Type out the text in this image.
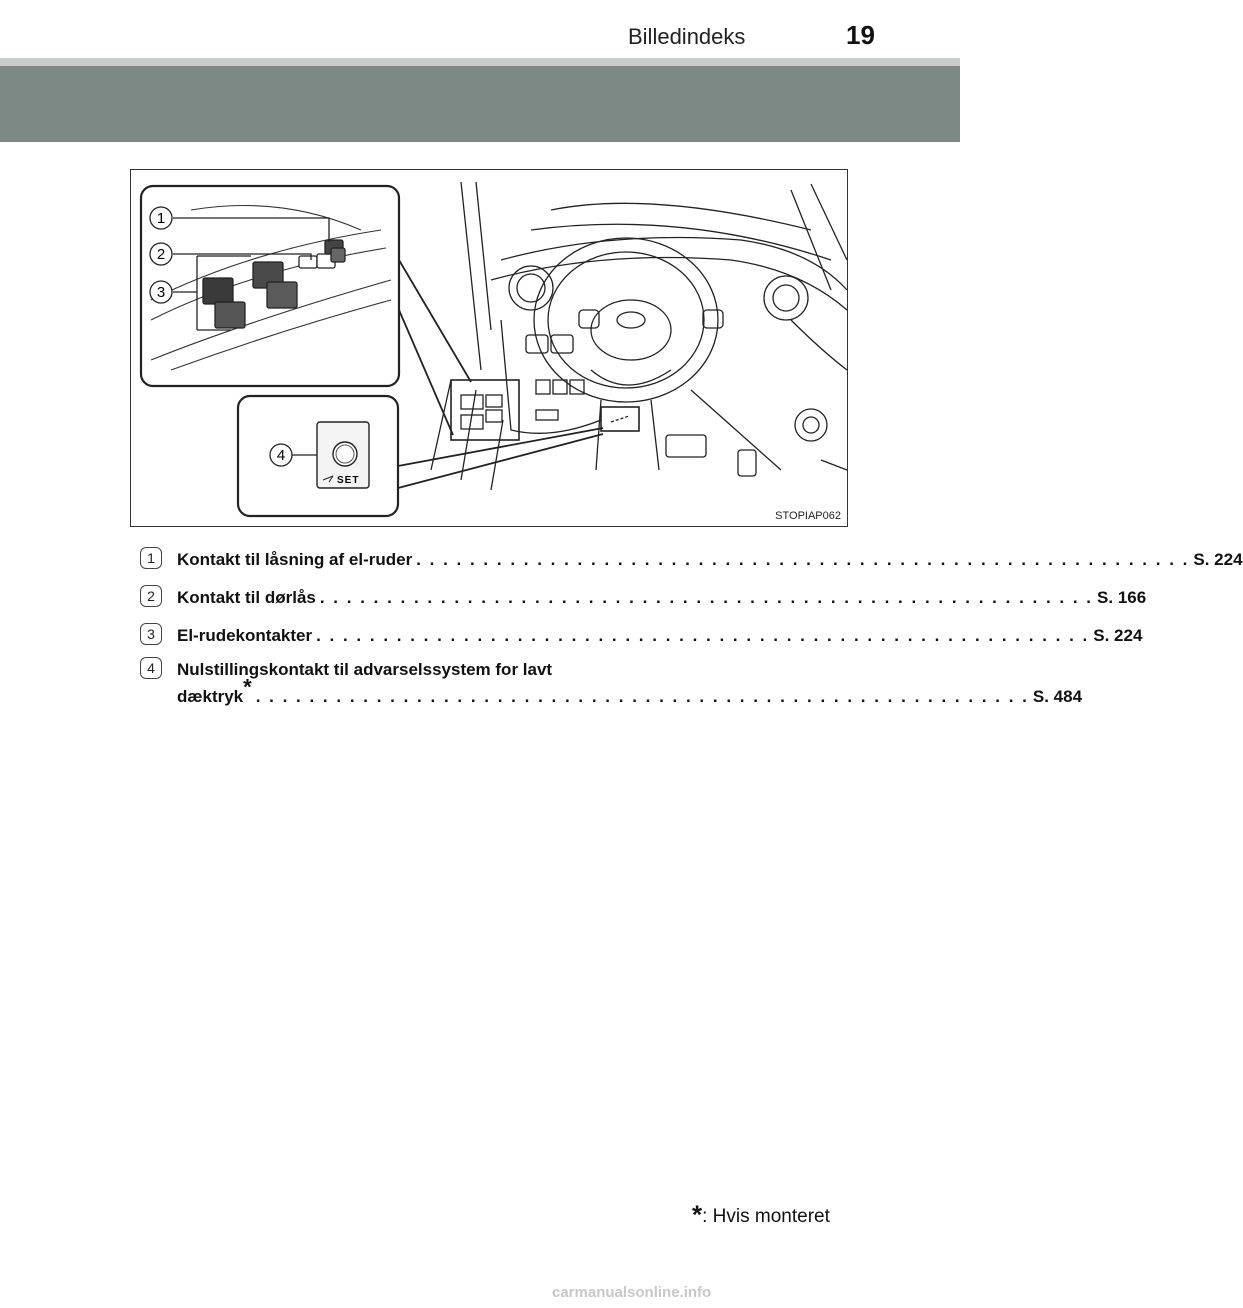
Billedindeks	19
1
2
3
SET
4
STOPIAP062
1	Kontakt til låsning af el-ruder . . . . . . . . . . . . . . . . . . . . . . . . . . . . . . . . . . . . . . . . . . . . . . . . . . . . . . . . . . S. 224
2	Kontakt til dørlås . . . . . . . . . . . . . . . . . . . . . . . . . . . . . . . . . . . . . . . . . . . . . . . . . . . . . . . . . . S. 166
3	El-rudekontakter . . . . . . . . . . . . . . . . . . . . . . . . . . . . . . . . . . . . . . . . . . . . . . . . . . . . . . . . . . S. 224
4	Nulstillingskontakt til advarselssystem for lavt
dæktryk* . . . . . . . . . . . . . . . . . . . . . . . . . . . . . . . . . . . . . . . . . . . . . . . . . . . . . . . . . . S. 484
*: Hvis monteret
carmanualsonline.info
